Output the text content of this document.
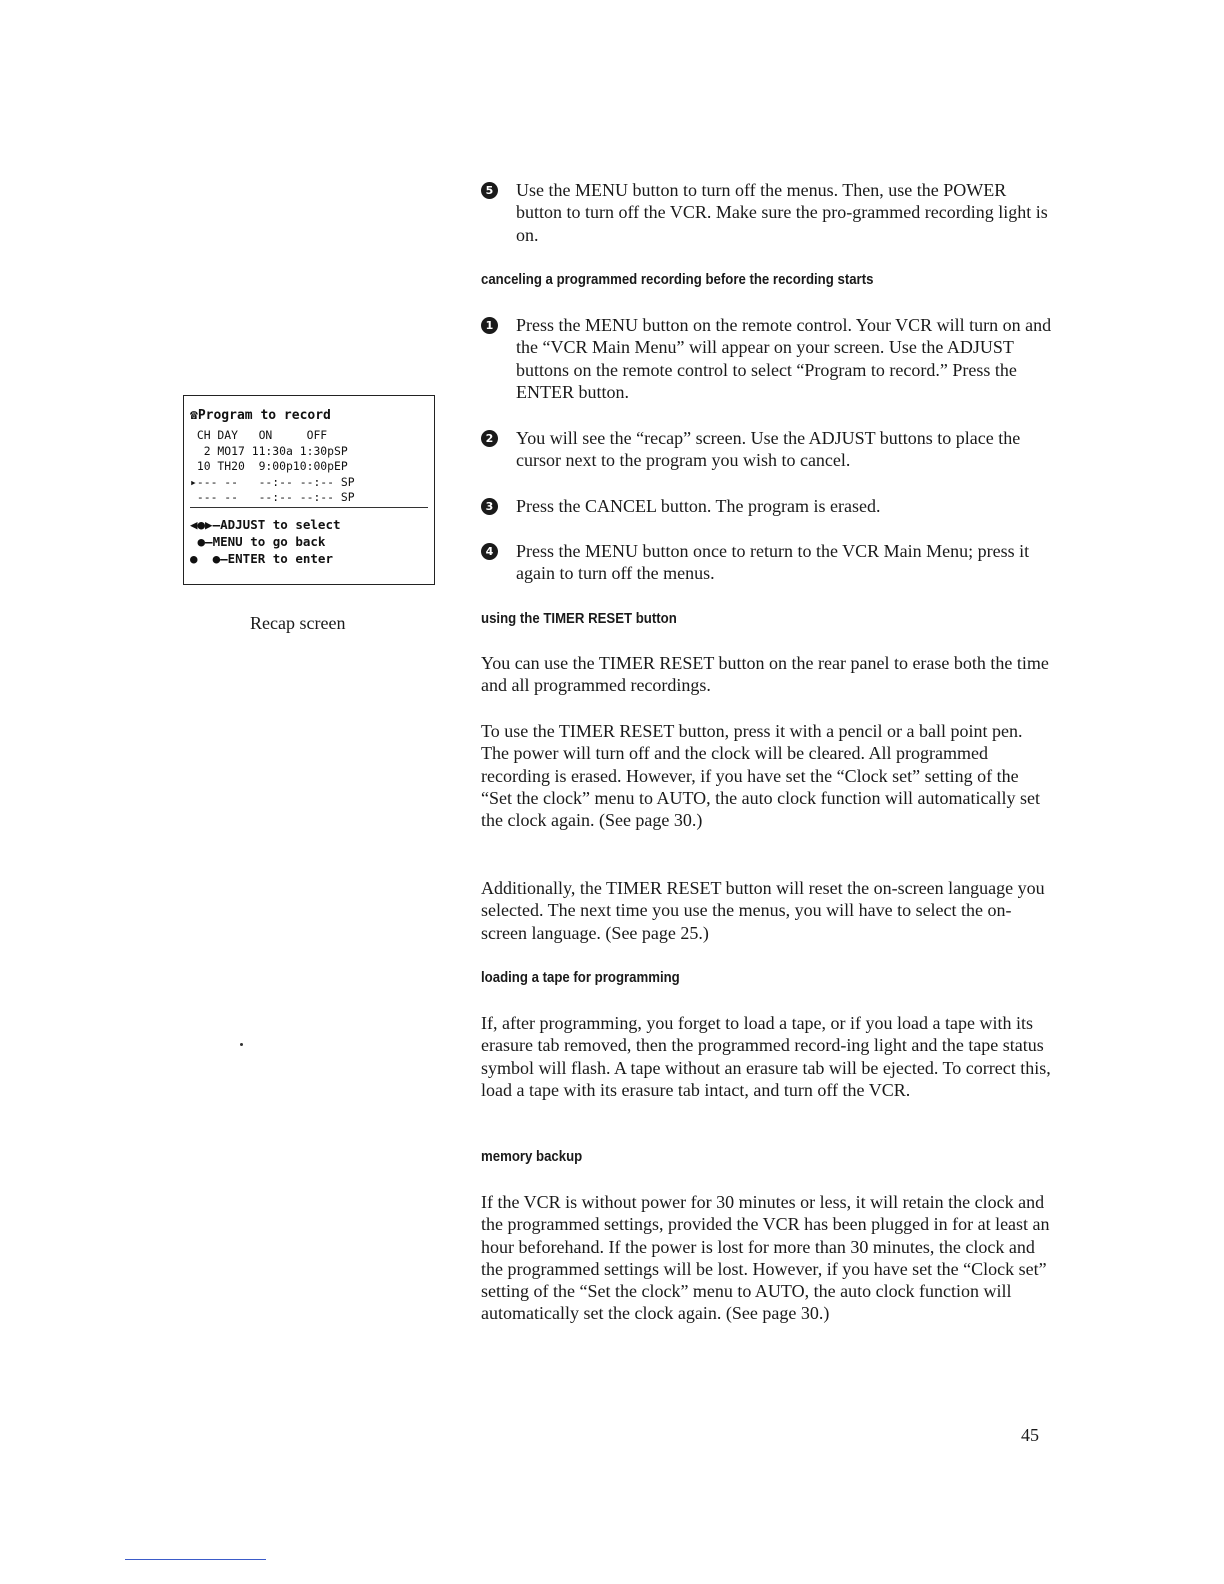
☎Program to record
CH DAY   ON     OFF
2 MO17 11:30a 1:30pSP
10 TH20  9:00p10:00pEP
▸--- --   --:-- --:-- SP
--- --   --:-- --:-- SP
◀●▶–ADJUST to select
●—MENU to go back
●  ●–ENTER to enter
Recap screen
5 Use the MENU button to turn off the menus. Then, use the POWER button to turn off the VCR. Make sure the pro-grammed recording light is on.

canceling a programmed recording before the recording starts
1 Press the MENU button on the remote control. Your VCR will turn on and the “VCR Main Menu” will appear on your screen. Use the ADJUST buttons on the remote control to select “Program to record.” Press the ENTER button.

2 You will see the “recap” screen. Use the ADJUST buttons to place the cursor next to the program you wish to cancel.

3 Press the CANCEL button. The program is erased.

4 Press the MENU button once to return to the VCR Main Menu; press it again to turn off the menus.

using the TIMER RESET button

You can use the TIMER RESET button on the rear panel to erase both the time and all programmed recordings.

To use the TIMER RESET button, press it with a pencil or a ball point pen. The power will turn off and the clock will be cleared. All programmed recording is erased. However, if you have set the “Clock set” setting of the “Set the clock” menu to AUTO, the auto clock function will automatically set the clock again. (See page 30.)

Additionally, the TIMER RESET button will reset the on-screen language you selected. The next time you use the menus, you will have to select the on-screen language. (See page 25.)

loading a tape for programming

If, after programming, you forget to load a tape, or if you load a tape with its erasure tab removed, then the programmed record-ing light and the tape status symbol will flash. A tape without an erasure tab will be ejected. To correct this, load a tape with its erasure tab intact, and turn off the VCR.

memory backup

If the VCR is without power for 30 minutes or less, it will retain the clock and the programmed settings, provided the VCR has been plugged in for at least an hour beforehand. If the power is lost for more than 30 minutes, the clock and the programmed settings will be lost. However, if you have set the “Clock set” setting of the “Set the clock” menu to AUTO, the auto clock function will automatically set the clock again. (See page 30.)

45
